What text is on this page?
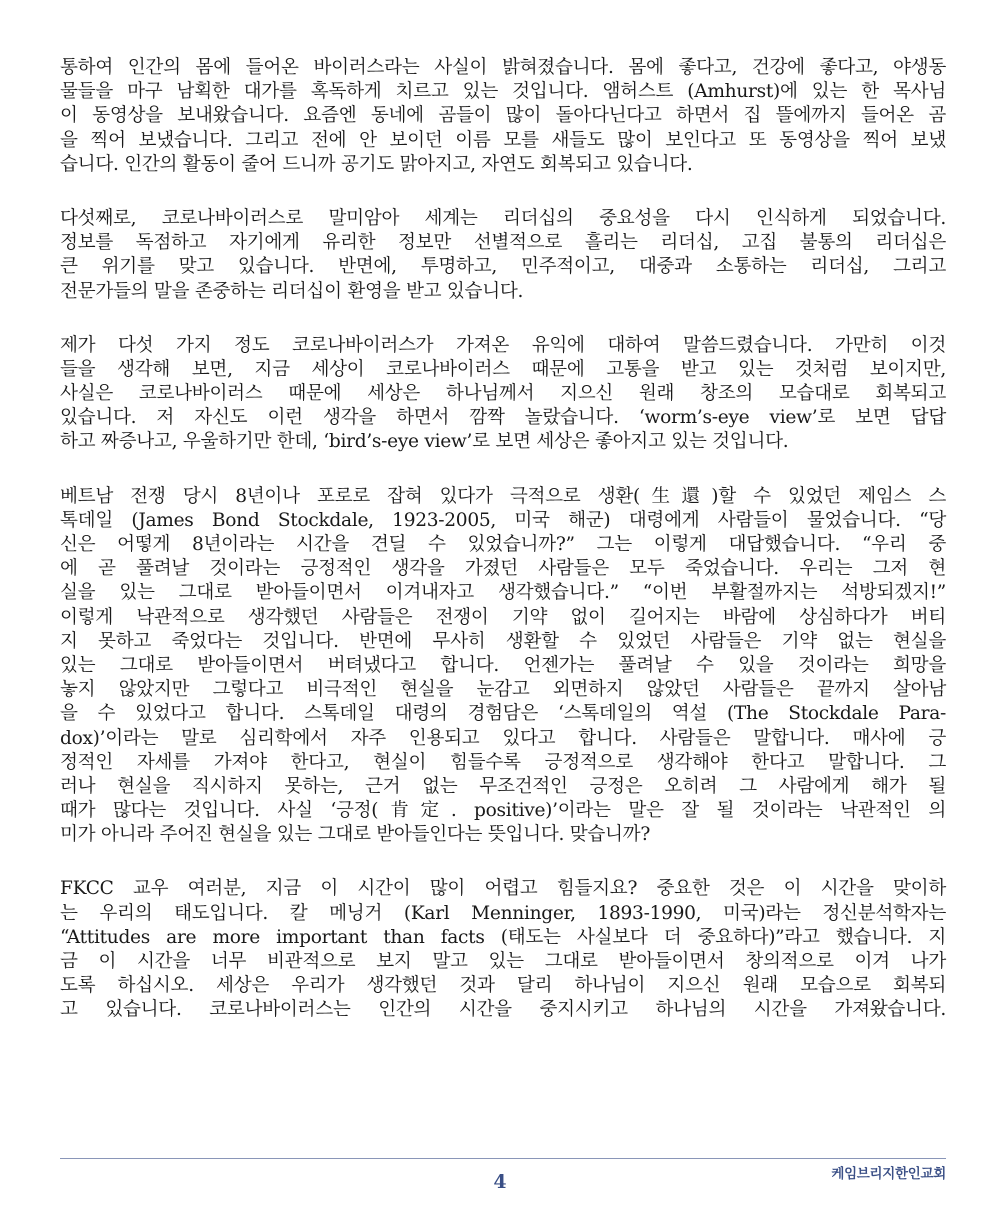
통하여 인간의 몸에 들어온 바이러스라는 사실이 밝혀졌습니다. 몸에 좋다고, 건강에 좋다고, 야생동
물들을 마구 남획한 대가를 혹독하게 치르고 있는 것입니다. 앰허스트 (Amhurst)에 있는 한 목사님
이 동영상을 보내왔습니다. 요즘엔 동네에 곰들이 많이 돌아다닌다고 하면서 집 뜰에까지 들어온 곰
을 찍어 보냈습니다. 그리고 전에 안 보이던 이름 모를 새들도 많이 보인다고 또 동영상을 찍어 보냈
습니다. 인간의 활동이 줄어 드니까 공기도 맑아지고, 자연도 회복되고 있습니다.
다섯째로, 코로나바이러스로 말미암아 세계는 리더십의 중요성을 다시 인식하게 되었습니다.
정보를 독점하고 자기에게 유리한 정보만 선별적으로 흘리는 리더십, 고집 불통의 리더십은
큰 위기를 맞고 있습니다. 반면에, 투명하고, 민주적이고, 대중과 소통하는 리더십, 그리고
전문가들의 말을 존중하는 리더십이 환영을 받고 있습니다.
제가 다섯 가지 정도 코로나바이러스가 가져온 유익에 대하여 말씀드렸습니다. 가만히 이것
들을 생각해 보면, 지금 세상이 코로나바이러스 때문에 고통을 받고 있는 것처럼 보이지만,
사실은 코로나바이러스 때문에 세상은 하나님께서 지으신 원래 창조의 모습대로 회복되고
있습니다. 저 자신도 이런 생각을 하면서 깜짝 놀랐습니다. ‘worm’s-eye view’로 보면 답답
하고 짜증나고, 우울하기만 한데, ‘bird’s-eye view’로 보면 세상은 좋아지고 있는 것입니다.
베트남 전쟁 당시 8년이나 포로로 잡혀 있다가 극적으로 생환(生還)할 수 있었던 제임스 스
톡데일 (James Bond Stockdale, 1923-2005, 미국 해군) 대령에게 사람들이 물었습니다. “당
신은 어떻게 8년이라는 시간을 견딜 수 있었습니까?” 그는 이렇게 대답했습니다. “우리 중
에 곧 풀려날 것이라는 긍정적인 생각을 가졌던 사람들은 모두 죽었습니다. 우리는 그저 현
실을 있는 그대로 받아들이면서 이겨내자고 생각했습니다.” “이번 부활절까지는 석방되겠지!”
이렇게 낙관적으로 생각했던 사람들은 전쟁이 기약 없이 길어지는 바람에 상심하다가 버티
지 못하고 죽었다는 것입니다. 반면에 무사히 생환할 수 있었던 사람들은 기약 없는 현실을
있는 그대로 받아들이면서 버텨냈다고 합니다. 언젠가는 풀려날 수 있을 것이라는 희망을
놓지 않았지만 그렇다고 비극적인 현실을 눈감고 외면하지 않았던 사람들은 끝까지 살아남
을 수 있었다고 합니다. 스톡데일 대령의 경험담은 ‘스톡데일의 역설 (The Stockdale Para-
dox)’이라는 말로 심리학에서 자주 인용되고 있다고 합니다. 사람들은 말합니다. 매사에 긍
정적인 자세를 가져야 한다고, 현실이 힘들수록 긍정적으로 생각해야 한다고 말합니다. 그
러나 현실을 직시하지 못하는, 근거 없는 무조건적인 긍정은 오히려 그 사람에게 해가 될
때가 많다는 것입니다. 사실 ‘긍정(肯定. positive)’이라는 말은 잘 될 것이라는 낙관적인 의
미가 아니라 주어진 현실을 있는 그대로 받아들인다는 뜻입니다. 맞습니까?
FKCC 교우 여러분, 지금 이 시간이 많이 어렵고 힘들지요? 중요한 것은 이 시간을 맞이하
는 우리의 태도입니다. 칼 메닝거 (Karl Menninger, 1893-1990, 미국)라는 정신분석학자는
“Attitudes are more important than facts (태도는 사실보다 더 중요하다)”라고 했습니다. 지
금 이 시간을 너무 비관적으로 보지 말고 있는 그대로 받아들이면서 창의적으로 이겨 나가
도록 하십시오. 세상은 우리가 생각했던 것과 달리 하나님이 지으신 원래 모습으로 회복되
고 있습니다. 코로나바이러스는 인간의 시간을 중지시키고 하나님의 시간을 가져왔습니다.
4	케임브리지한인교회
